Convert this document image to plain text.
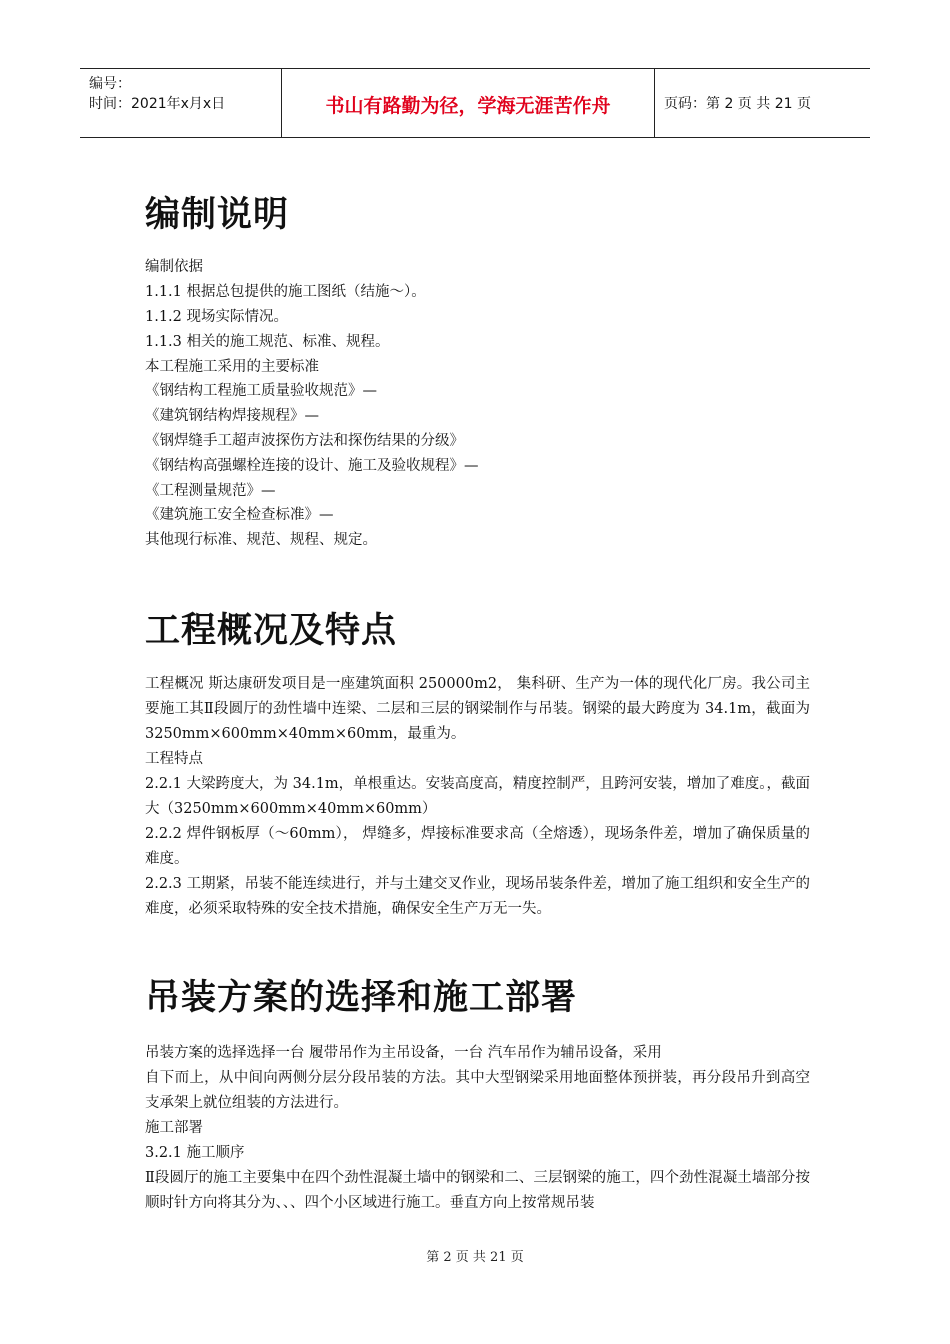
编号：
时间：2021年x月x日	书山有路勤为径，学海无涯苦作舟	页码：第 2 页 共 21 页
编制说明
编制依据
1.1.1 根据总包提供的施工图纸（结施～）。
1.1.2 现场实际情况。
1.1.3 相关的施工规范、标准、规程。
本工程施工采用的主要标准
《钢结构工程施工质量验收规范》—
《建筑钢结构焊接规程》—
《钢焊缝手工超声波探伤方法和探伤结果的分级》
《钢结构高强螺栓连接的设计、施工及验收规程》—
《工程测量规范》—
《建筑施工安全检查标准》—
其他现行标准、规范、规程、规定。
工程概况及特点
工程概况 斯达康研发项目是一座建筑面积 250000m2， 集科研、生产为一体的现代化厂房。我公司主要施工其Ⅱ段圆厅的劲性墙中连梁、二层和三层的钢梁制作与吊装。钢梁的最大跨度为 34.1m，截面为 3250mm×600mm×40mm×60mm，最重为。
工程特点
2.2.1 大梁跨度大，为 34.1m，单根重达。安装高度高，精度控制严，且跨河安装，增加了难度。，截面大（3250mm×600mm×40mm×60mm）
2.2.2 焊件钢板厚（～60mm）， 焊缝多，焊接标准要求高（全熔透），现场条件差，增加了确保质量的难度。
2.2.3 工期紧，吊装不能连续进行，并与土建交叉作业，现场吊装条件差，增加了施工组织和安全生产的难度，必须采取特殊的安全技术措施，确保安全生产万无一失。
吊装方案的选择和施工部署
吊装方案的选择选择一台 履带吊作为主吊设备，一台 汽车吊作为辅吊设备，采用
自下而上，从中间向两侧分层分段吊装的方法。其中大型钢梁采用地面整体预拼装，再分段吊升到高空支承架上就位组装的方法进行。
施工部署
3.2.1 施工顺序
Ⅱ段圆厅的施工主要集中在四个劲性混凝土墙中的钢梁和二、三层钢梁的施工，四个劲性混凝土墙部分按顺时针方向将其分为、、、四个小区域进行施工。垂直方向上按常规吊装
第 2 页 共 21 页
